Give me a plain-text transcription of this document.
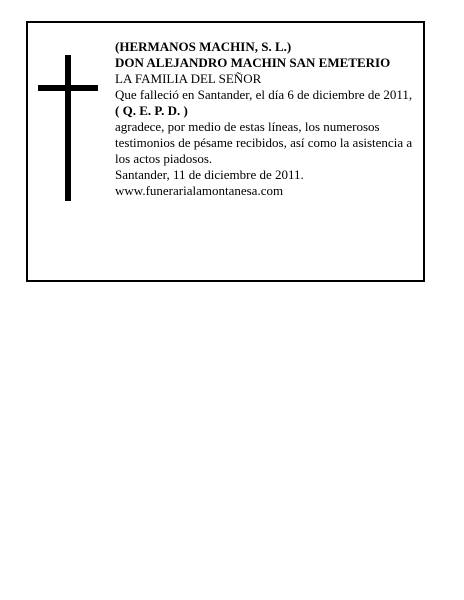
(HERMANOS MACHIN, S. L.)
DON ALEJANDRO MACHIN SAN EMETERIO
LA FAMILIA DEL SEÑOR
Que falleció en Santander, el día 6 de diciembre de 2011,
( Q. E. P. D. )
agradece, por medio de estas líneas, los numerosos testimonios de pésame recibidos, así como la asistencia a los actos piadosos.
Santander, 11 de diciembre de 2011.
www.funerarialamontanesa.com
